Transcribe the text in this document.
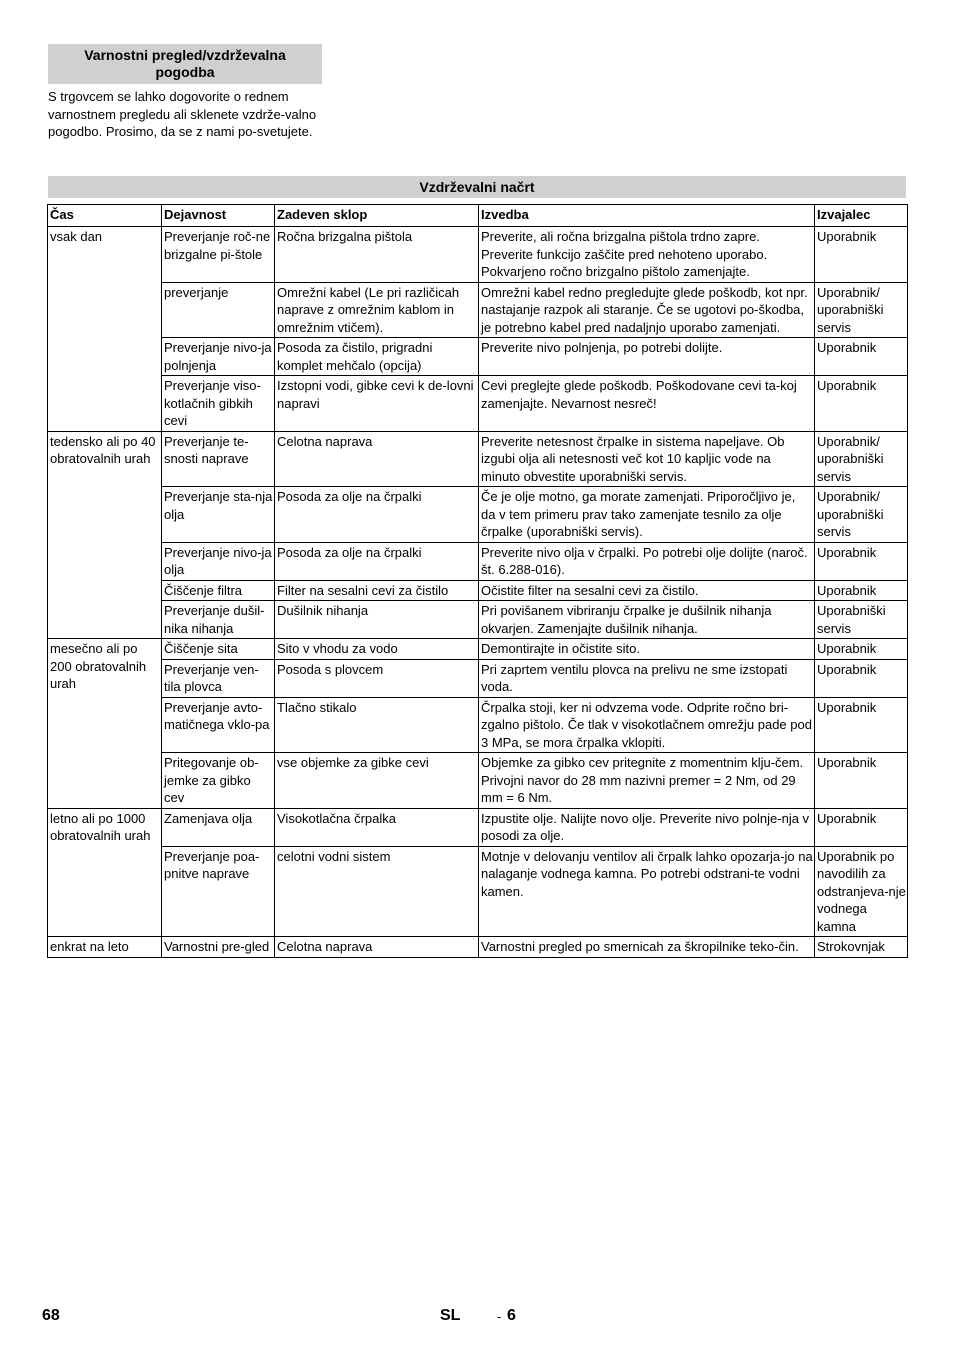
Varnostni pregled/vzdrževalna pogodba
S trgovcem se lahko dogovorite o rednem varnostnem pregledu ali sklenete vzdrže-valno pogodbo. Prosimo, da se z nami po-svetujete.
Vzdrževalni načrt
Čas	Dejavnost	Zadeven sklop	Izvedba	Izvajalec
vsak dan	Preverjanje roč-ne brizgalne pi-štole	Ročna brizgalna pištola	Preverite, ali ročna brizgalna pištola trdno zapre. Preverite funkcijo zaščite pred nehoteno uporabo. Pokvarjeno ročno brizgalno pištolo zamenjajte.	Uporabnik
	preverjanje	Omrežni kabel (Le pri različicah naprave z omrežnim kablom in omrežnim vtičem).	Omrežni kabel redno pregledujte glede poškodb, kot npr. nastajanje razpok ali staranje. Če se ugotovi po-škodba, je potrebno kabel pred nadaljnjo uporabo zamenjati.	Uporabnik/ uporabniški servis
	Preverjanje nivo-ja polnjenja	Posoda za čistilo, prigradni komplet mehčalo (opcija)	Preverite nivo polnjenja, po potrebi dolijte.	Uporabnik
	Preverjanje viso-kotlačnih gibkih cevi	Izstopni vodi, gibke cevi k de-lovni napravi	Cevi preglejte glede poškodb. Poškodovane cevi ta-koj zamenjajte. Nevarnost nesreč!	Uporabnik
tedensko ali po 40 obratovalnih urah	Preverjanje te-snosti naprave	Celotna naprava	Preverite netesnost črpalke in sistema napeljave. Ob izgubi olja ali netesnosti več kot 10 kapljic vode na minuto obvestite uporabniški servis.	Uporabnik/ uporabniški servis
	Preverjanje sta-nja olja	Posoda za olje na črpalki	Če je olje motno, ga morate zamenjati. Priporočljivo je, da v tem primeru prav tako zamenjate tesnilo za olje črpalke (uporabniški servis).	Uporabnik/ uporabniški servis
	Preverjanje nivo-ja olja	Posoda za olje na črpalki	Preverite nivo olja v črpalki. Po potrebi olje dolijte (naroč. št. 6.288-016).	Uporabnik
	Čiščenje filtra	Filter na sesalni cevi za čistilo	Očistite filter na sesalni cevi za čistilo.	Uporabnik
	Preverjanje dušil-nika nihanja	Dušilnik nihanja	Pri povišanem vibriranju črpalke je dušilnik nihanja okvarjen. Zamenjajte dušilnik nihanja.	Uporabniški servis
mesečno ali po 200 obratovalnih urah	Čiščenje sita	Sito v vhodu za vodo	Demontirajte in očistite sito.	Uporabnik
	Preverjanje ven-tila plovca	Posoda s plovcem	Pri zaprtem ventilu plovca na prelivu ne sme izstopati voda.	Uporabnik
	Preverjanje avto-matičnega vklo-pa	Tlačno stikalo	Črpalka stoji, ker ni odvzema vode. Odprite ročno bri-zgalno pištolo. Če tlak v visokotlačnem omrežju pade pod 3 MPa, se mora črpalka vklopiti.	Uporabnik
	Pritegovanje ob-jemke za gibko cev	vse objemke za gibke cevi	Objemke za gibko cev pritegnite z momentnim klju-čem. Privojni navor do 28 mm nazivni premer = 2 Nm, od 29 mm = 6 Nm.	Uporabnik
letno ali po 1000 obratovalnih urah	Zamenjava olja	Visokotlačna črpalka	Izpustite olje. Nalijte novo olje. Preverite nivo polnje-nja v posodi za olje.	Uporabnik
	Preverjanje poa-pnitve naprave	celotni vodni sistem	Motnje v delovanju ventilov ali črpalk lahko opozarja-jo na nalaganje vodnega kamna. Po potrebi odstrani-te vodni kamen.	Uporabnik po navodilih za odstranjeva-nje vodnega kamna
enkrat na leto	Varnostni pre-gled	Celotna naprava	Varnostni pregled po smernicah za škropilnike teko-čin.	Strokovnjak
68	SL	- 6
